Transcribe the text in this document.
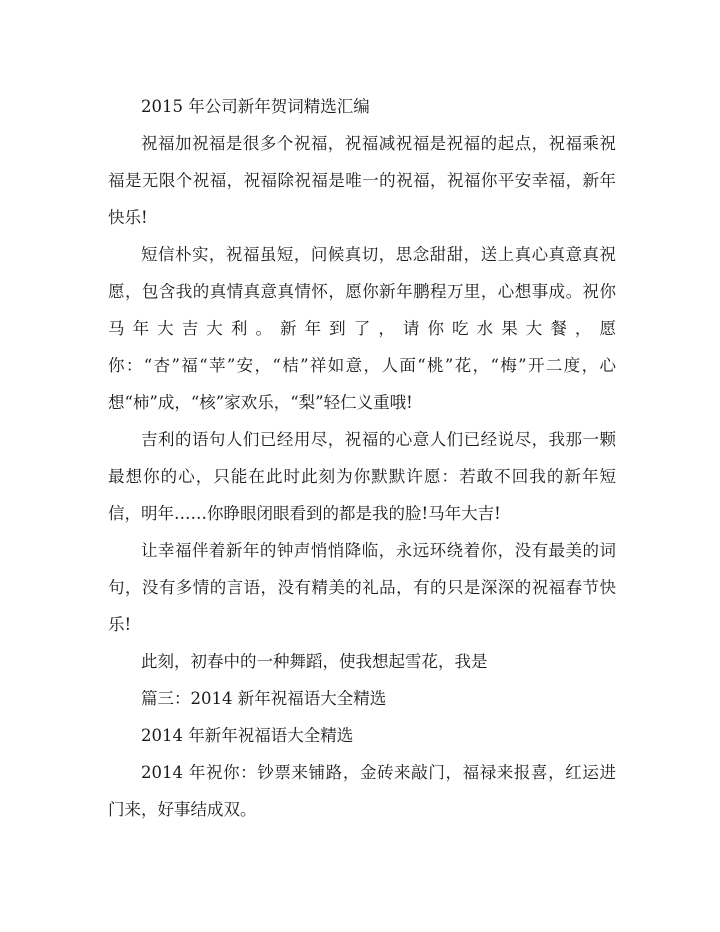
2015 年公司新年贺词精选汇编

祝福加祝福是很多个祝福，祝福减祝福是祝福的起点，祝福乘祝福是无限个祝福，祝福除祝福是唯一的祝福，祝福你平安幸福，新年快乐!

短信朴实，祝福虽短，问候真切，思念甜甜，送上真心真意真祝愿，包含我的真情真意真情怀，愿你新年鹏程万里，心想事成。祝你马年大吉大利。新年到了，请你吃水果大餐，愿你：“杏”福“苹”安，“桔”祥如意，人面“桃”花，“梅”开二度，心想“柿”成，“核”家欢乐，“梨”轻仁义重哦!

吉利的语句人们已经用尽，祝福的心意人们已经说尽，我那一颗最想你的心，只能在此时此刻为你默默许愿：若敢不回我的新年短信，明年……你睁眼闭眼看到的都是我的脸!马年大吉!

让幸福伴着新年的钟声悄悄降临，永远环绕着你，没有最美的词句，没有多情的言语，没有精美的礼品，有的只是深深的祝福春节快乐!

此刻，初春中的一种舞蹈，使我想起雪花，我是

篇三：2014 新年祝福语大全精选

2014 年新年祝福语大全精选

2014 年祝你：钞票来铺路，金砖来敲门，福禄来报喜，红运进门来，好事结成双。
